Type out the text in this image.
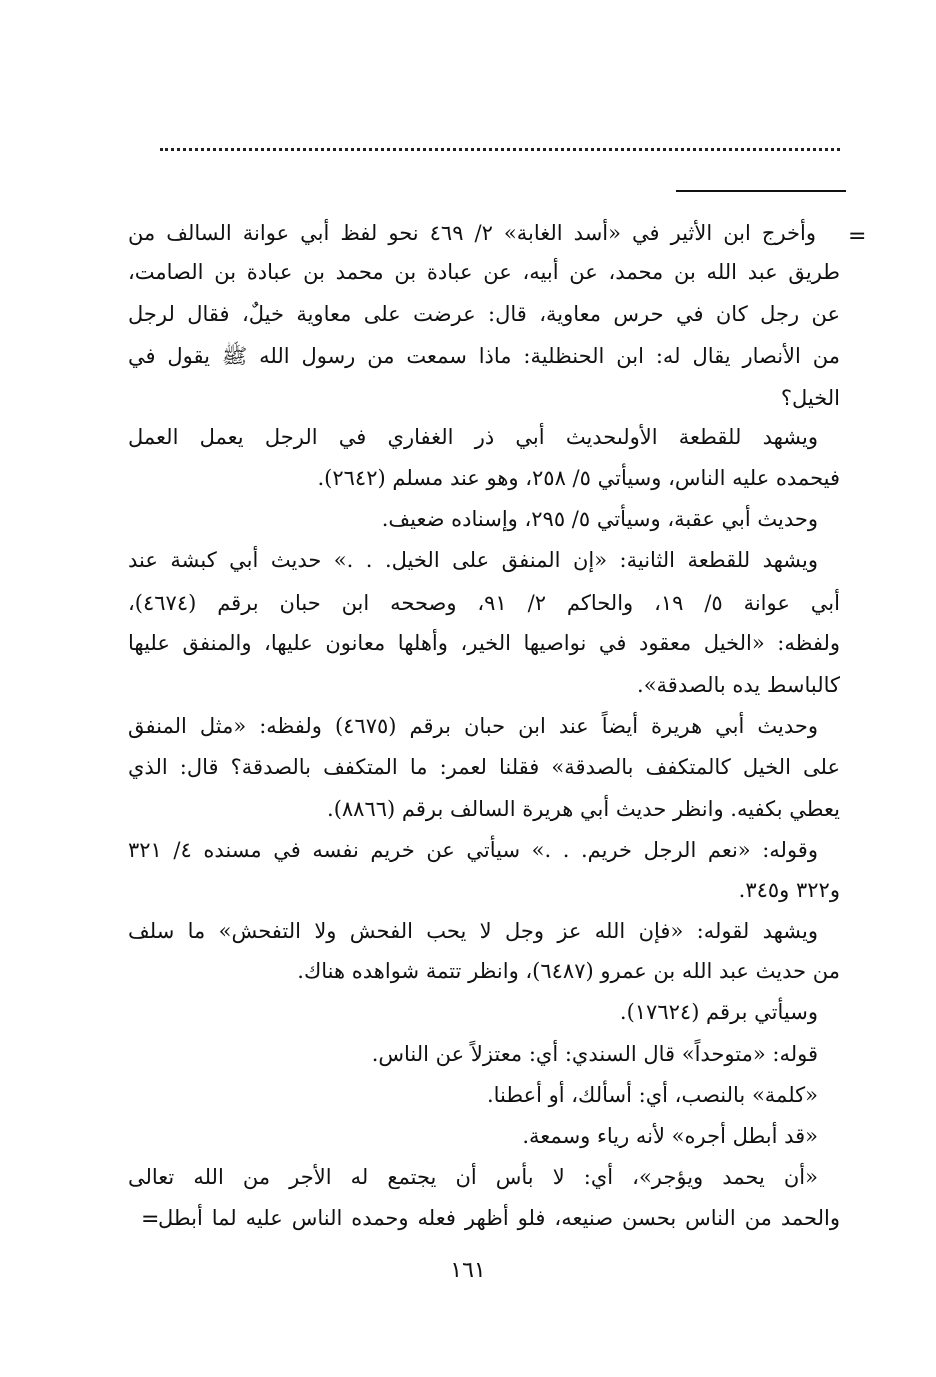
=
وأخرج ابن الأثير في «أسد الغابة» ٢/ ٤٦٩ نحو لفظ أبي عوانة السالف من
طريق عبد الله بن محمد، عن أبيه، عن عبادة بن محمد بن عبادة بن الصامت،
عن رجل كان في حرس معاوية، قال: عرضت على معاوية خيلٌ، فقال لرجل
من الأنصار يقال له: ابن الحنظلية: ماذا سمعت من رسول الله ﷺ يقول في
الخيل؟
ويشهد للقطعة الأولىحديث أبي ذر الغفاري في الرجل يعمل العمل
فيحمده عليه الناس، وسيأتي ٥/ ٢٥٨، وهو عند مسلم (٢٦٤٢).
وحديث أبي عقبة، وسيأتي ٥/ ٢٩٥، وإسناده ضعيف.
ويشهد للقطعة الثانية: «إن المنفق على الخيل. . .» حديث أبي كبشة عند
أبي عوانة ٥/ ١٩، والحاكم ٢/ ٩١، وصححه ابن حبان برقم (٤٦٧٤)،
ولفظه: «الخيل معقود في نواصيها الخير، وأهلها معانون عليها، والمنفق عليها
كالباسط يده بالصدقة».
وحديث أبي هريرة أيضاً عند ابن حبان برقم (٤٦٧٥) ولفظه: «مثل المنفق
على الخيل كالمتكفف بالصدقة» فقلنا لعمر: ما المتكفف بالصدقة؟ قال: الذي
يعطي بكفيه. وانظر حديث أبي هريرة السالف برقم (٨٨٦٦).
وقوله: «نعم الرجل خريم. . .» سيأتي عن خريم نفسه في مسنده ٤/ ٣٢١
و٣٢٢ و٣٤٥.
ويشهد لقوله: «فإن الله عز وجل لا يحب الفحش ولا التفحش» ما سلف
من حديث عبد الله بن عمرو (٦٤٨٧)، وانظر تتمة شواهده هناك.
وسيأتي برقم (١٧٦٢٤).
قوله: «متوحداً» قال السندي: أي: معتزلاً عن الناس.
«كلمة» بالنصب، أي: أسألك، أو أعطنا.
«قد أبطل أجره» لأنه رياء وسمعة.
«أن يحمد ويؤجر»، أي: لا بأس أن يجتمع له الأجر من الله تعالى
والحمد من الناس بحسن صنيعه، فلو أظهر فعله وحمده الناس عليه لما أبطل
=
١٦١
